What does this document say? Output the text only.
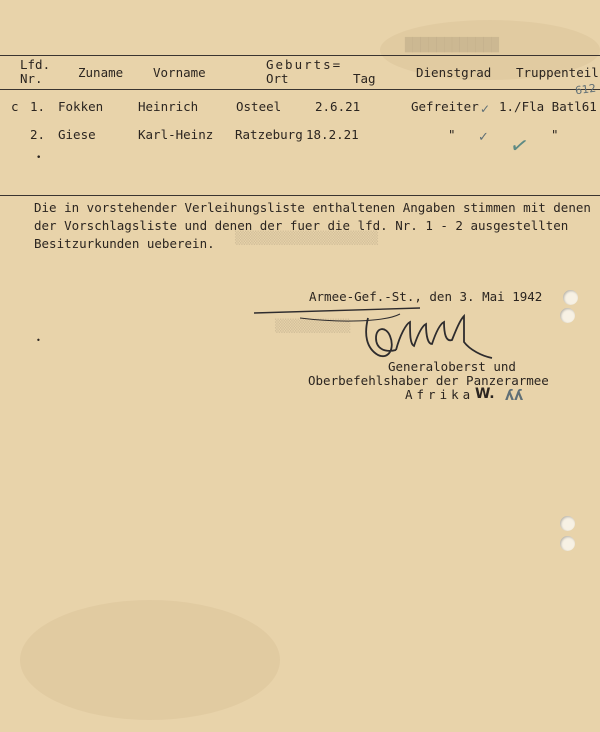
████████████
▒▒▒▒▒▒▒▒▒▒▒▒▒▒▒▒▒▒▒
▒▒▒▒▒▒▒▒▒▒
Lfd.
Nr.	Zuname Vorname
Geburts=
Ort	Tag	Dienstgrad Truppenteil
612
c 1. Fokken	Heinrich	Osteel	2.6.21	Gefreiter 1./Fla Batl61
✓
2. Giese	Karl-Heinz Ratzeburg 18.2.21	"	"
✓ ✓
•
Die in vorstehender Verleihungsliste enthaltenen Angaben stimmen mit denen
der Vorschlagsliste und denen der fuer die lfd. Nr. 1 - 2 ausgestellten
Besitzurkunden ueberein.
Armee-Gef.-St., den 3. Mai 1942
•
Generaloberst und
Oberbefehlshaber der Panzerarmee
Afrika W. ʎʎ
